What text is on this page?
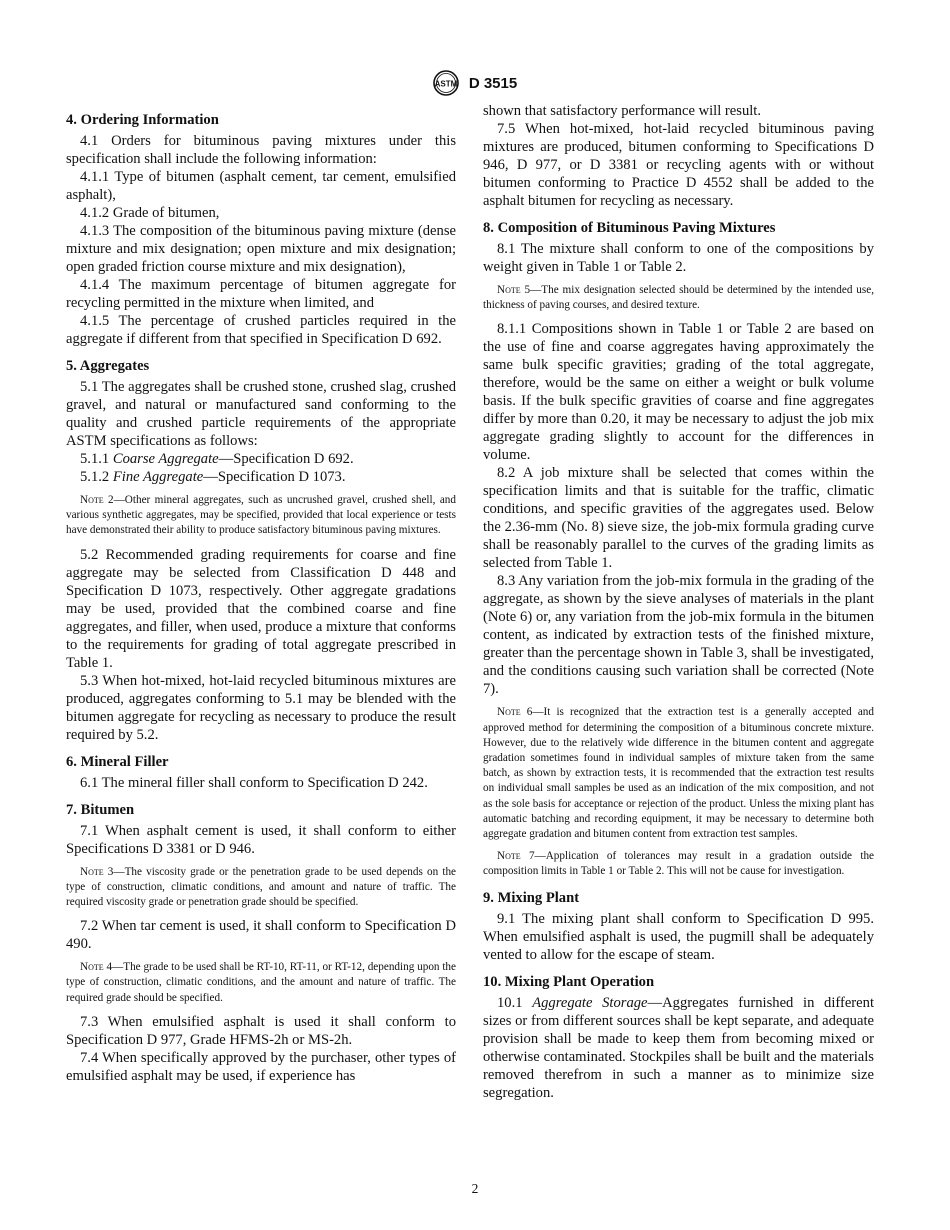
ASTM D 3515
4. Ordering Information

4.1 Orders for bituminous paving mixtures under this specification shall include the following information:

4.1.1 Type of bitumen (asphalt cement, tar cement, emulsified asphalt),

4.1.2 Grade of bitumen,

4.1.3 The composition of the bituminous paving mixture (dense mixture and mix designation; open mixture and mix designation; open graded friction course mixture and mix designation),

4.1.4 The maximum percentage of bitumen aggregate for recycling permitted in the mixture when limited, and

4.1.5 The percentage of crushed particles required in the aggregate if different from that specified in Specification D 692.

5. Aggregates

5.1 The aggregates shall be crushed stone, crushed slag, crushed gravel, and natural or manufactured sand conforming to the quality and crushed particle requirements of the appropriate ASTM specifications as follows:

5.1.1 Coarse Aggregate—Specification D 692.

5.1.2 Fine Aggregate—Specification D 1073.

Note 2—Other mineral aggregates, such as uncrushed gravel, crushed shell, and various synthetic aggregates, may be specified, provided that local experience or tests have demonstrated their ability to produce satisfactory bituminous paving mixtures.

5.2 Recommended grading requirements for coarse and fine aggregate may be selected from Classification D 448 and Specification D 1073, respectively. Other aggregate gradations may be used, provided that the combined coarse and fine aggregates, and filler, when used, produce a mixture that conforms to the requirements for grading of total aggregate prescribed in Table 1.

5.3 When hot-mixed, hot-laid recycled bituminous mixtures are produced, aggregates conforming to 5.1 may be blended with the bitumen aggregate for recycling as necessary to produce the result required by 5.2.

6. Mineral Filler

6.1 The mineral filler shall conform to Specification D 242.

7. Bitumen

7.1 When asphalt cement is used, it shall conform to either Specifications D 3381 or D 946.

Note 3—The viscosity grade or the penetration grade to be used depends on the type of construction, climatic conditions, and amount and nature of traffic. The required viscosity grade or penetration grade should be specified.

7.2 When tar cement is used, it shall conform to Specification D 490.

Note 4—The grade to be used shall be RT-10, RT-11, or RT-12, depending upon the type of construction, climatic conditions, and the amount and nature of traffic. The required grade should be specified.

7.3 When emulsified asphalt is used it shall conform to Specification D 977, Grade HFMS-2h or MS-2h.

7.4 When specifically approved by the purchaser, other types of emulsified asphalt may be used, if experience has

shown that satisfactory performance will result.

7.5 When hot-mixed, hot-laid recycled bituminous paving mixtures are produced, bitumen conforming to Specifications D 946, D 977, or D 3381 or recycling agents with or without bitumen conforming to Practice D 4552 shall be added to the asphalt bitumen for recycling as necessary.

8. Composition of Bituminous Paving Mixtures

8.1 The mixture shall conform to one of the compositions by weight given in Table 1 or Table 2.

Note 5—The mix designation selected should be determined by the intended use, thickness of paving courses, and desired texture.

8.1.1 Compositions shown in Table 1 or Table 2 are based on the use of fine and coarse aggregates having approximately the same bulk specific gravities; grading of the total aggregate, therefore, would be the same on either a weight or bulk volume basis. If the bulk specific gravities of coarse and fine aggregates differ by more than 0.20, it may be necessary to adjust the job mix aggregate grading slightly to account for the differences in volume.

8.2 A job mixture shall be selected that comes within the specification limits and that is suitable for the traffic, climatic conditions, and specific gravities of the aggregates used. Below the 2.36-mm (No. 8) sieve size, the job-mix formula grading curve shall be reasonably parallel to the curves of the grading limits as selected from Table 1.

8.3 Any variation from the job-mix formula in the grading of the aggregate, as shown by the sieve analyses of materials in the plant (Note 6) or, any variation from the job-mix formula in the bitumen content, as indicated by extraction tests of the finished mixture, greater than the percentage shown in Table 3, shall be investigated, and the conditions causing such variation shall be corrected (Note 7).

Note 6—It is recognized that the extraction test is a generally accepted and approved method for determining the composition of a bituminous concrete mixture. However, due to the relatively wide difference in the bitumen content and aggregate gradation sometimes found in individual samples of mixture taken from the same batch, as shown by extraction tests, it is recommended that the extraction test results on individual small samples be used as an indication of the mix composition, and not as the sole basis for acceptance or rejection of the product. Unless the mixing plant has automatic batching and recording equipment, it may be necessary to determine both aggregate gradation and bitumen content from extraction test samples.

Note 7—Application of tolerances may result in a gradation outside the composition limits in Table 1 or Table 2. This will not be cause for investigation.

9. Mixing Plant

9.1 The mixing plant shall conform to Specification D 995. When emulsified asphalt is used, the pugmill shall be adequately vented to allow for the escape of steam.

10. Mixing Plant Operation

10.1 Aggregate Storage—Aggregates furnished in different sizes or from different sources shall be kept separate, and adequate provision shall be made to keep them from becoming mixed or otherwise contaminated. Stockpiles shall be built and the materials removed therefrom in such a manner as to minimize size segregation.

2
